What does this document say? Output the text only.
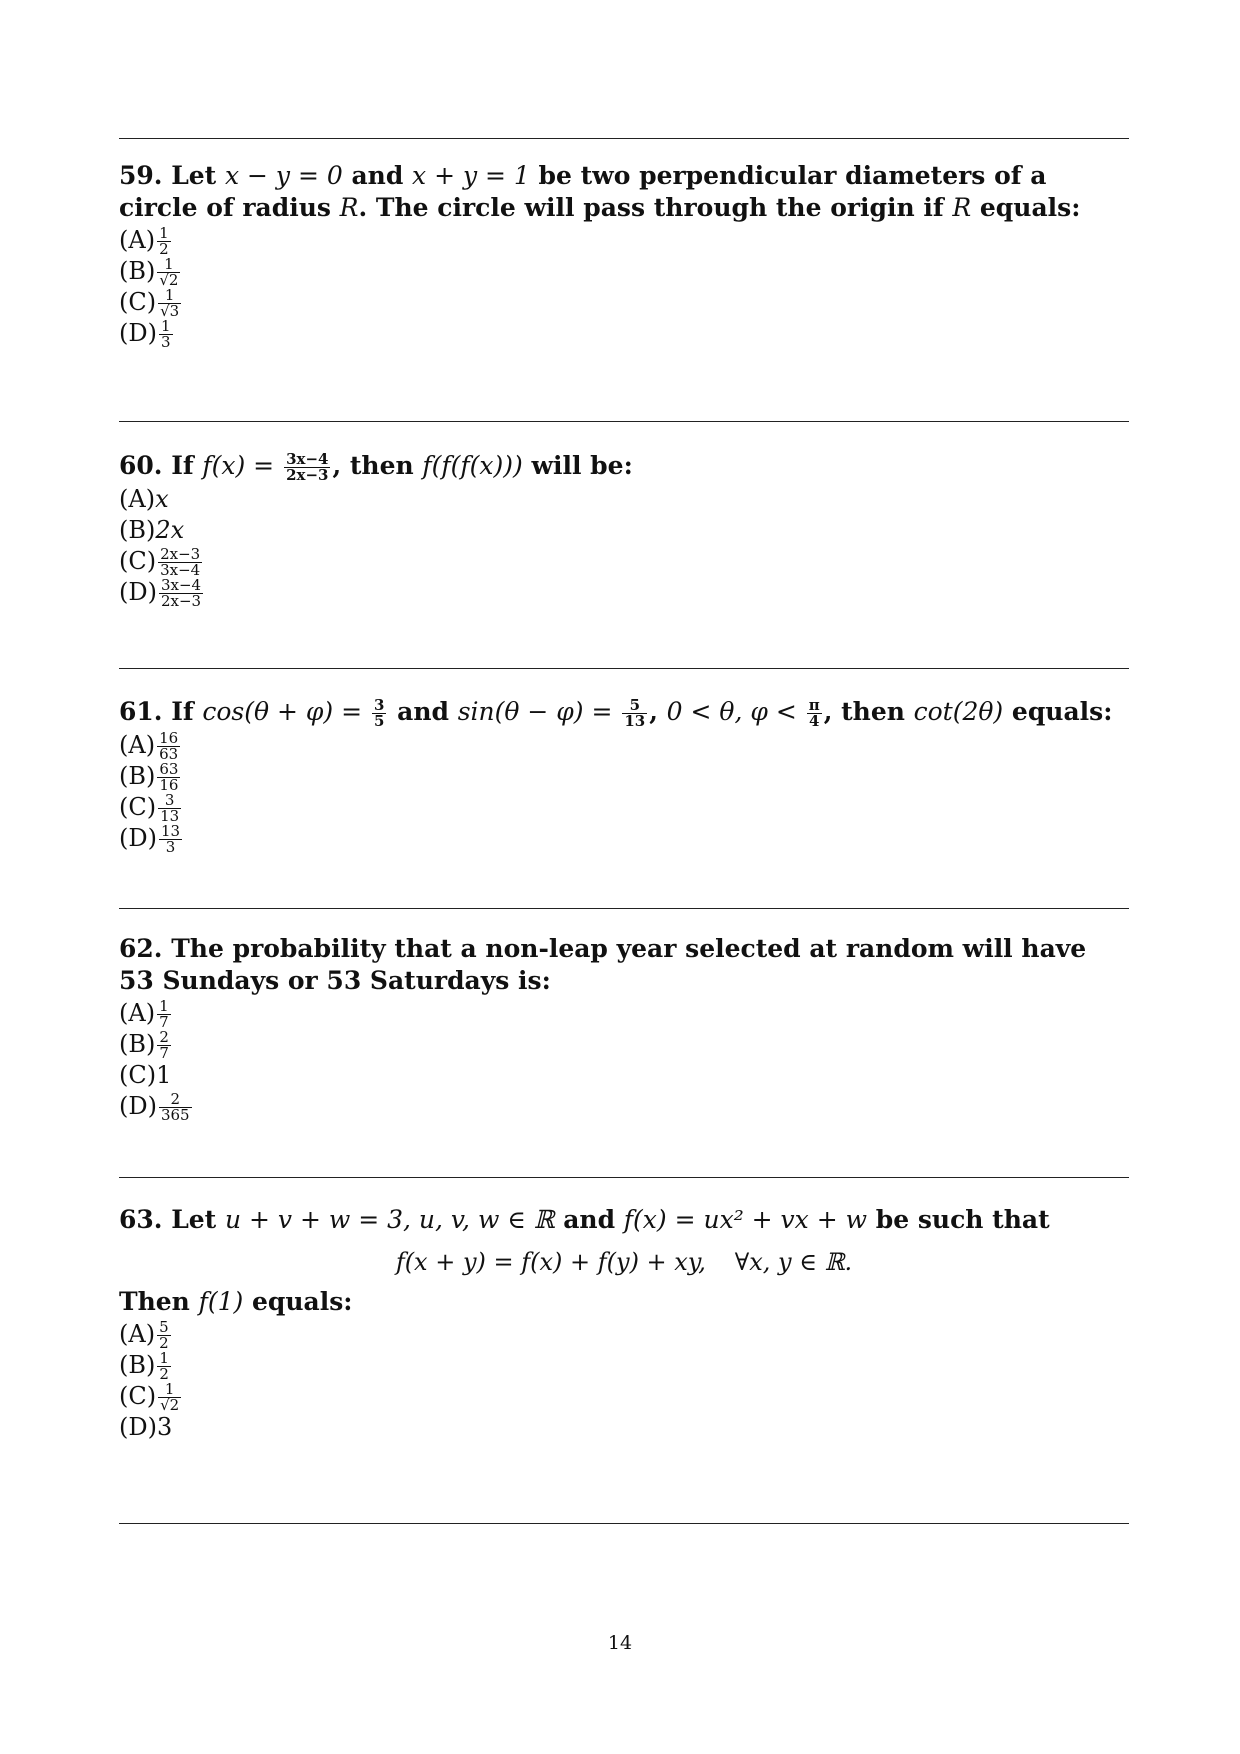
59. Let x − y = 0 and x + y = 1 be two perpendicular diameters of a circle of radius R. The circle will pass through the origin if R equals:
$(A) \frac{1}{2}$
$(B) \frac{1}{√2}$
$(C) \frac{1}{√3}$
$(D) \frac{1}{3}$
60. If $f(x) = \frac{3x-4}{2x-3}$ , then f(f(f(x))) will be:
(A)x
(B)2x
$(C) \frac{2x-3}{3x-4}$
$(D) \frac{3x-4}{2x-3}$
61. If $\cos(\theta + \varphi) = \frac{3}{5}$ and $\sin(\theta - \varphi) = \frac{5}{13}$ , 0 < θ, $\varphi < \frac{\pi}{4}$ , then cot(2θ) equals:
$(A) \frac{16}{63}$
$(B) \frac{63}{16}$
$(C) \frac{3}{13}$
$(D) \frac{13}{3}$
62. The probability that a non-leap year selected at random will have 53 Sundays or 53 Saturdays is:
$(A) \frac{1}{7}$
$(B) \frac{2}{7}$
(C)1
$(D) \frac{2}{365}$
63. Let u + v + w = 3, u, v, w ∈ ℝ and f(x) = ux² + vx + w be such that
f(x + y) = f(x) + f(y) + xy, ∀x, y ∈ ℝ.
Then f(1) equals:
$(A) \frac{5}{2}$
$(B) \frac{1}{2}$
$(C) \frac{1}{√2}$
(D)3
14
